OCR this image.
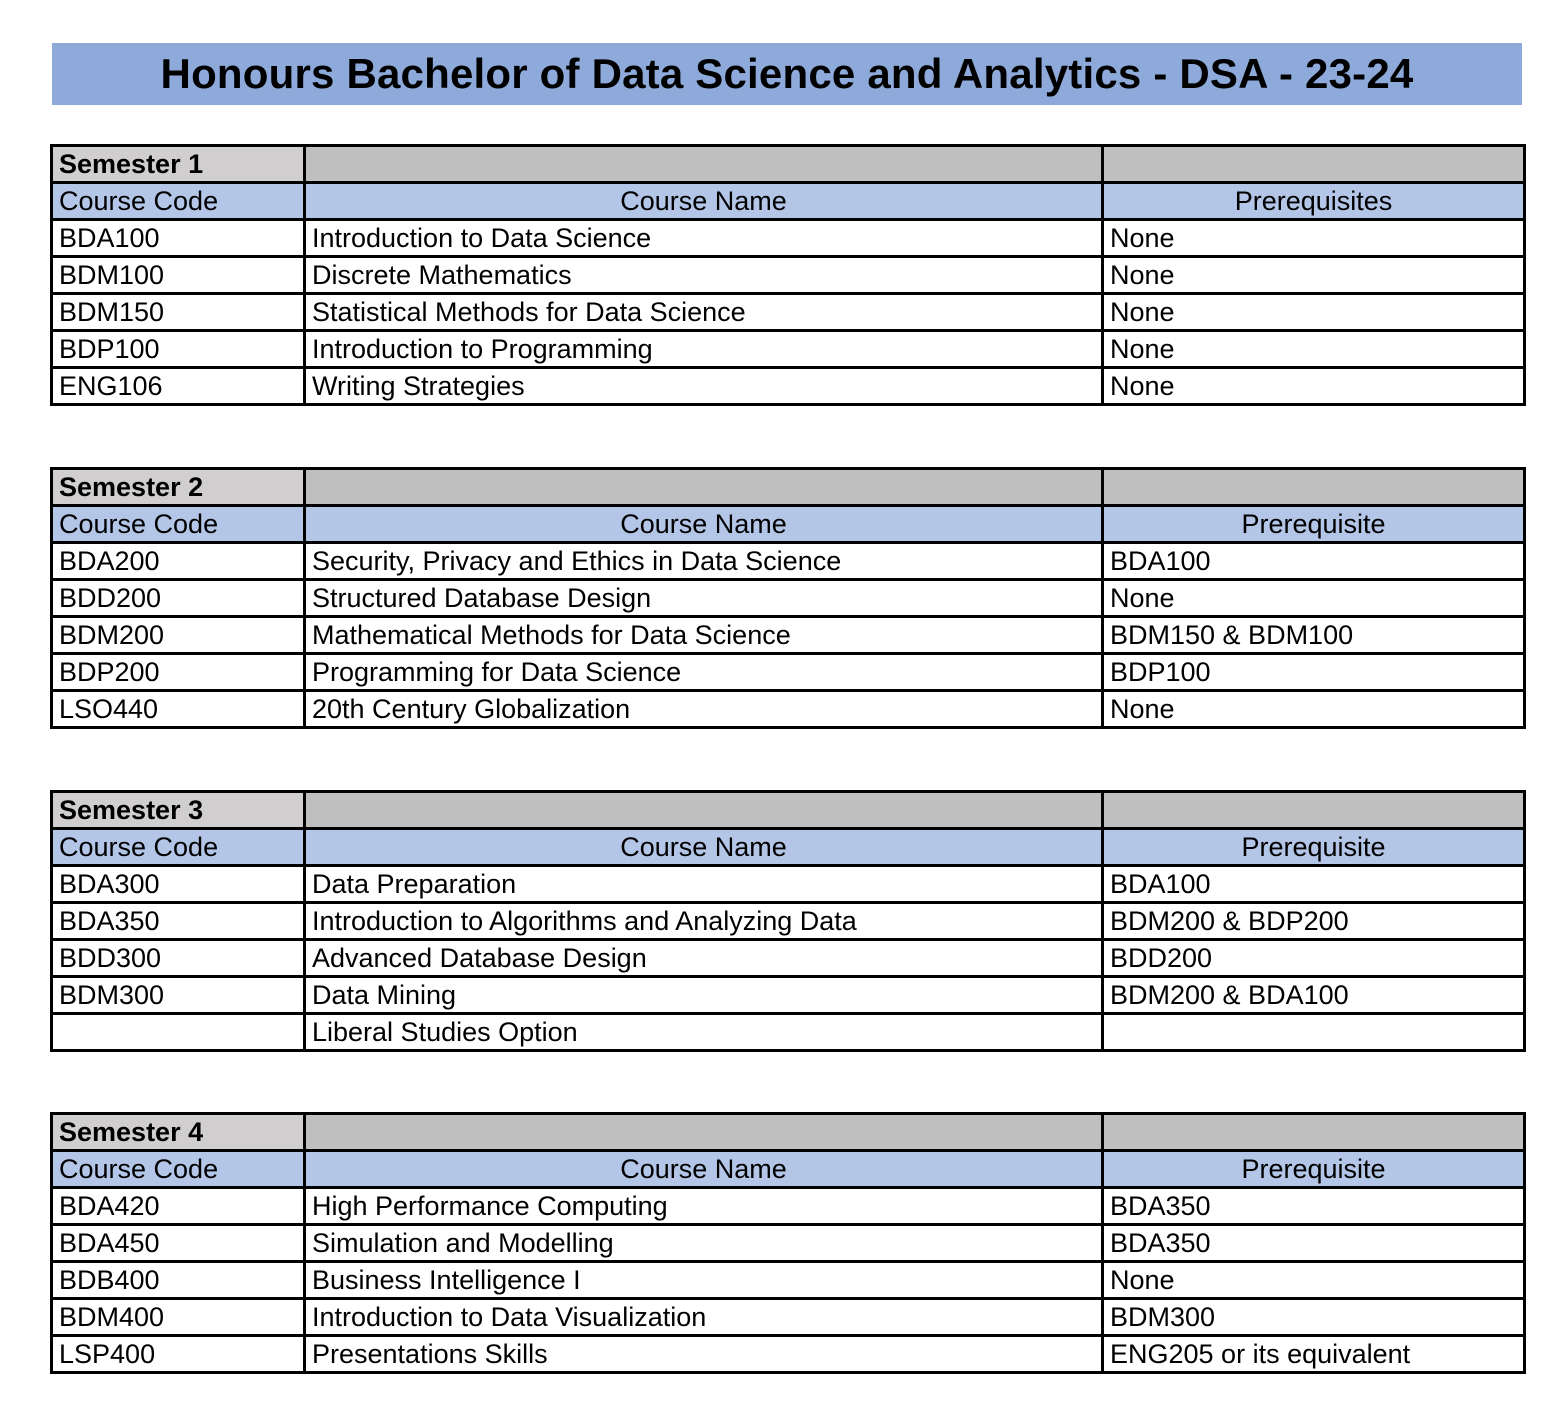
Honours Bachelor of Data Science and Analytics - DSA - 23-24
Semester 1		
Course Code	Course Name	Prerequisites
BDA100	Introduction to Data Science	None
BDM100	Discrete Mathematics	None
BDM150	Statistical Methods for Data Science	None
BDP100	Introduction to Programming	None
ENG106	Writing Strategies	None
Semester 2		
Course Code	Course Name	Prerequisite
BDA200	Security, Privacy and Ethics in Data Science	BDA100
BDD200	Structured Database Design	None
BDM200	Mathematical Methods for Data Science	BDM150 & BDM100
BDP200	Programming for Data Science	BDP100
LSO440	20th Century Globalization	None
Semester 3		
Course Code	Course Name	Prerequisite
BDA300	Data Preparation	BDA100
BDA350	Introduction to Algorithms and Analyzing Data	BDM200 & BDP200
BDD300	Advanced Database Design	BDD200
BDM300	Data Mining	BDM200 & BDA100
	Liberal Studies Option	
Semester 4		
Course Code	Course Name	Prerequisite
BDA420	High Performance Computing	BDA350
BDA450	Simulation and Modelling	BDA350
BDB400	Business Intelligence I	None
BDM400	Introduction to Data Visualization	BDM300
LSP400	Presentations Skills	ENG205 or its equivalent
